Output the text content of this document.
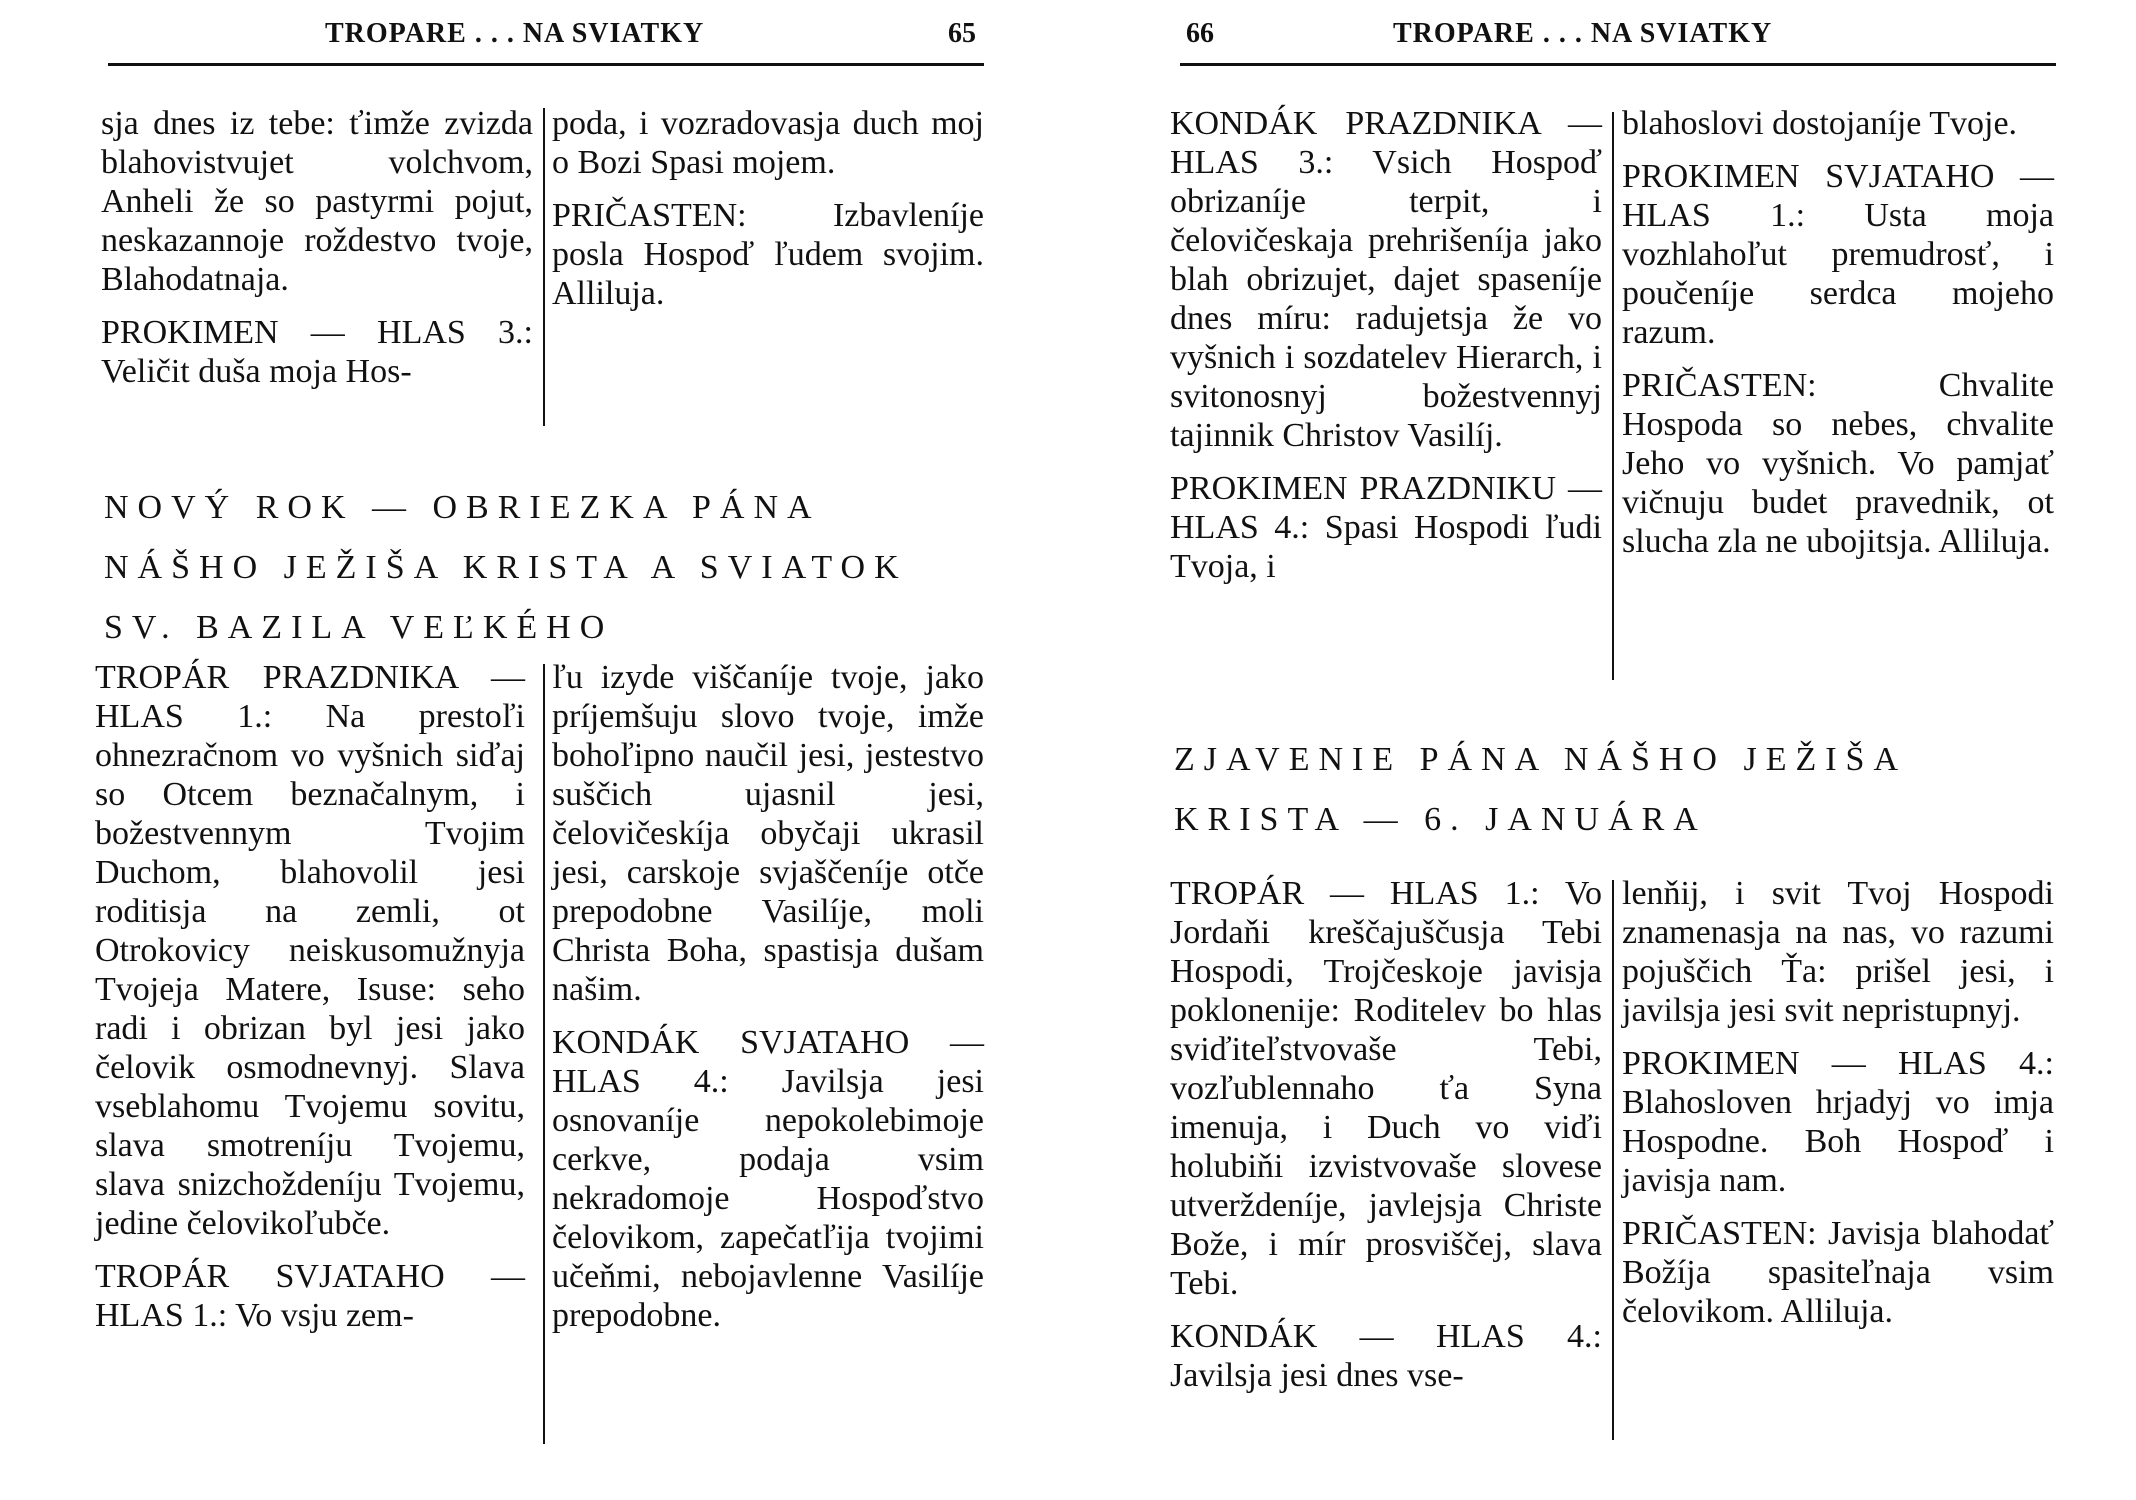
TROPARE . . . NA SVIATKY	65

sja dnes iz tebe: ťimže zvizda blahovistvujet volchvom, Anheli že so pastyrmi pojut, neskazannoje roždestvo tvoje, Blahodatnaja.

PROKIMEN — HLAS 3.: Veličit duša moja Hos-

poda, i vozradovasja duch moj o Bozi Spasi mojem.

PRIČASTEN: Izbavleníje posla Hospoď ľudem svojim. Alliluja.

NOVÝ ROK — OBRIEZKA PÁNA
NÁŠHO JEŽIŠA KRISTA A SVIATOK
SV. BAZILA VEĽKÉHO

TROPÁR PRAZDNIKA — HLAS 1.: Na prestoľi ohnezračnom vo vyšnich siďaj so Otcem beznačalnym, i božestvennym Tvojim Duchom, blahovolil jesi roditisja na zemli, ot Otrokovicy neiskusomužnyja Tvojeja Matere, Isuse: seho radi i obrizan byl jesi jako čelovik osmodnevnyj. Slava vseblahomu Tvojemu sovitu, slava smotreníju Tvojemu, slava snizchoždeníju Tvojemu, jedine čelovikoľubče.

TROPÁR SVJATAHO — HLAS 1.: Vo vsju zem-

ľu izyde viščaníje tvoje, jako príjemšuju slovo tvoje, imže bohoľipno naučil jesi, jestestvo suščich ujasnil jesi, čelovičeskíja obyčaji ukrasil jesi, carskoje svjaščeníje otče prepodobne Vasilíje, moli Christa Boha, spastisja dušam našim.

KONDÁK SVJATAHO — HLAS 4.: Javilsja jesi osnovaníje nepokolebimoje cerkve, podaja vsim nekradomoje Hospoďstvo čelovikom, zapečatľija tvojimi učeňmi, nebojavlenne Vasilíje prepodobne.

66	TROPARE . . . NA SVIATKY

KONDÁK PRAZDNIKA — HLAS 3.: Vsich Hospoď obrizaníje terpit, i čelovičeskaja prehrišeníja jako blah obrizujet, dajet spaseníje dnes míru: radujetsja že vo vyšnich i sozdatelev Hierarch, i svitonosnyj božestvennyj tajinnik Christov Vasilíj.

PROKIMEN PRAZDNIKU — HLAS 4.: Spasi Hospodi ľudi Tvoja, i

blahoslovi dostojaníje Tvoje.

PROKIMEN SVJATAHO — HLAS 1.: Usta moja vozhlahoľut premudrosť, i poučeníje serdca mojeho razum.

PRIČASTEN: Chvalite Hospoda so nebes, chvalite Jeho vo vyšnich. Vo pamjať vičnuju budet pravednik, ot slucha zla ne ubojitsja. Alliluja.

ZJAVENIE PÁNA NÁŠHO JEŽIŠA
KRISTA — 6. JANUÁRA

TROPÁR — HLAS 1.: Vo Jordaňi kreščajuščusja Tebi Hospodi, Trojčeskoje javisja poklonenije: Roditelev bo hlas sviďiteľstvovaše Tebi, vozľublennaho ťa Syna imenuja, i Duch vo viďi holubiňi izvistvovaše slovese utverždeníje, javlejsja Christe Bože, i mír prosviščej, slava Tebi.

KONDÁK — HLAS 4.: Javilsja jesi dnes vse-

lenňij, i svit Tvoj Hospodi znamenasja na nas, vo razumi pojuščich Ťa: prišel jesi, i javilsja jesi svit nepristupnyj.

PROKIMEN — HLAS 4.: Blahosloven hrjadyj vo imja Hospodne. Boh Hospoď i javisja nam.

PRIČASTEN: Javisja blahodať Božíja spasiteľnaja vsim čelovikom. Alliluja.
